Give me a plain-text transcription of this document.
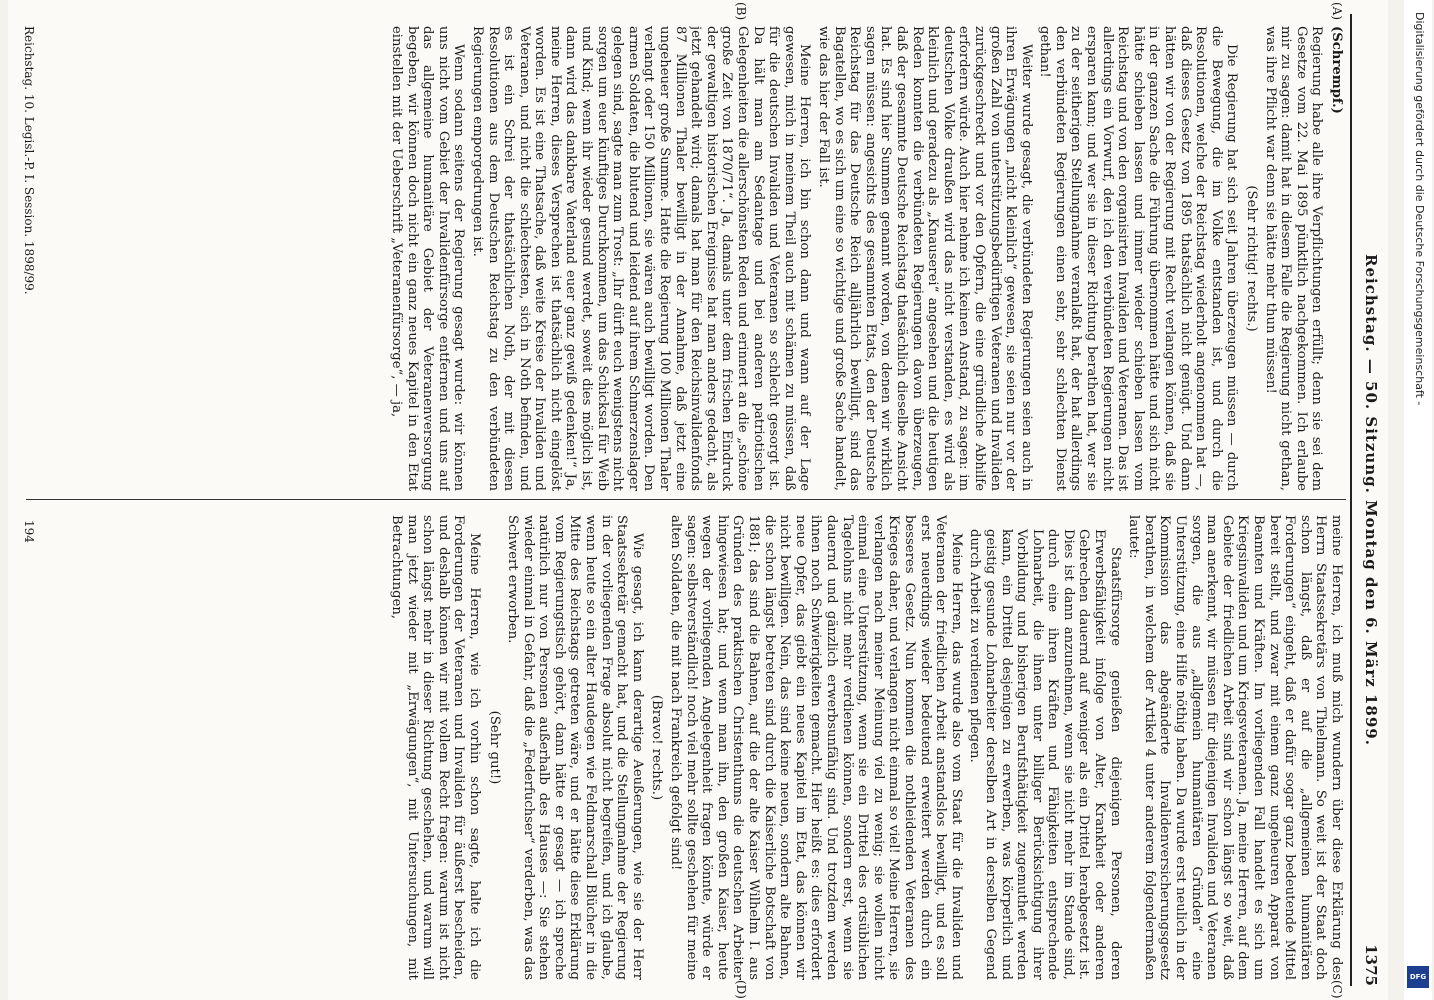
Reichstag. — 50. Sitzung. Montag den 6. März 1899.
1375
(A)
(B)
(C)
(D)
(Schrempf.)

Regierung habe alle ihre Verpflichtungen erfüllt; denn sie sei dem Gesetze vom 22. Mai 1895 pünktlich nachgekommen. Ich erlaube mir zu sagen: damit hat in diesem Falle die Regierung nicht gethan, was ihre Pflicht war denn sie hätte mehr thun müssen!

(Sehr richtig! rechts.)

Die Regierung hat sich seit Jahren überzeugen müssen — durch die Bewegung, die im Volke entstanden ist, und durch die Resolutionen, welche der Reichstag wiederholt angenommen hat —, daß dieses Gesetz von 1895 thatsächlich nicht genügt. Und dann hätten wir von der Regierung mit Recht verlangen können, daß sie in der ganzen Sache die Führung übernommen hätte und sich nicht hätte schieben lassen und immer wieder schieben lassen vom Reichstag und von den organisirten Invaliden und Veteranen. Das ist allerdings ein Vorwurf, den ich den verbündeten Regierungen nicht ersparen kann; und wer sie in dieser Richtung berathen hat, wer sie zu der seitherigen Stellungnahme veranlaßt hat, der hat allerdings den verbündeten Regierungen einen sehr, sehr schlechten Dienst gethan!

Weiter wurde gesagt, die verbündeten Regierungen seien auch in ihren Erwägungen „nicht kleinlich“ gewesen, sie seien nur vor der großen Zahl von unterstützungsbedürftigen Veteranen und Invaliden zurückgeschreckt und vor den Opfern, die eine gründliche Abhilfe erfordern würde. Auch hier nehme ich keinen Anstand, zu sagen: im deutschen Volke draußen wird das nicht verstanden, es wird als kleinlich und geradezu als „Knauserei“ angesehen und die heutigen Reden konnten die verbündeten Regierungen davon überzeugen, daß der gesammte Deutsche Reichstag thatsächlich dieselbe Ansicht hat. Es sind hier Summen genannt worden, von denen wir wirklich sagen müssen: angesichts des gesammten Etats, den der Deutsche Reichstag für das Deutsche Reich alljährlich bewilligt, sind das Bagatellen, wo es sich um eine so wichtige und große Sache handelt, wie das hier der Fall ist.

Meine Herren, ich bin schon dann und wann auf der Lage gewesen, mich in meinem Theil auch mit schämen zu müssen, daß für die deutschen Invaliden und Veteranen so schlecht gesorgt ist. Da hält man am Sedantage und bei anderen patriotischen Gelegenheiten die allerschönsten Reden und erinnert an die „schöne große Zeit von 1870/71“. Ja, damals unter dem frischen Eindruck der gewaltigen historischen Ereignisse hat man anders gedacht, als jetzt gehandelt wird; damals hat man für den Reichsinvalidenfonds 87 Millionen Thaler bewilligt in der Annahme, daß jetzt eine ungeheuer große Summe. Hatte die Regierung 100 Millionen Thaler verlangt oder 150 Millionen, sie wären auch bewilligt worden. Den armen Soldaten, die blutend und leidend auf ihrem Schmerzenslager gelegen sind, sagte man zum Trost: „Ihr dürft euch wenigstens nicht sorgen um euer künftiges Durchkommen, um das Schicksal für Weib und Kind; wenn ihr wieder gesund werdet, soweit dies möglich ist, dann wird das dankbare Vaterland euer ganz gewiß gedenken!“ Ja, meine Herren, dieses Versprechen ist thatsächlich nicht eingelöst worden. Es ist eine Thatsache, daß weite Kreise der Invaliden und Veteranen, und nicht die schlechtesten, sich in Noth befinden, und es ist ein Schrei der thatsächlichen Noth, der mit diesen Resolutionen aus dem Deutschen Reichstag zu den verbündeten Regierungen emporgedrungen ist.

Wenn sodann seitens der Regierung gesagt wurde: wir können uns nicht vom Gebiet der Invalidenfürsorge entfernen und uns auf das allgemeine humanitäre Gebiet der Veteranenversorgung begeben, wir können doch nicht ein ganz neues Kapitel in den Etat einstellen mit der Ueberschrift „Veteranenfürsorge“, — ja,

meine Herren, ich muß mich wundern über diese Erklärung des Herrn Staatssekretärs von Thielmann. So weit ist der Staat doch schon längst, daß er auf die „allgemeinen humanitären Forderungen“ eingeht, daß er dafür sogar ganz bedeutende Mittel bereit stellt, und zwar mit einem ganz ungeheuren Apparat von Beamten und Kräften. Im vorliegenden Fall handelt es sich um Kriegsinvaliden und um Kriegsveteranen. Ja, meine Herren, auf dem Gebiete der friedlichen Arbeit sind wir schon längst so weit, daß man anerkennt, wir müssen für diejenigen Invaliden und Veteranen sorgen, die aus „allgemein humanitären Gründen“ eine Unterstützung, eine Hilfe nöthig haben. Da wurde erst neulich in der Kommission das abgeänderte Invalidenversicherungsgesetz berathen, in welchem der Artikel 4 unter anderem folgendermaßen lautet:

Staatsfürsorge genießen diejenigen Personen, deren Erwerbsfähigkeit infolge von Alter, Krankheit oder anderen Gebrechen dauernd auf weniger als ein Drittel herabgesetzt ist. Dies ist dann anzunehmen, wenn sie nicht mehr im Stande sind, durch eine ihren Kräften und Fähigkeiten entsprechende Lohnarbeit, die ihnen unter billiger Berücksichtigung ihrer Vorbildung und bisherigen Berufsthätigkeit zugemuthet werden kann, ein Drittel desjenigen zu erwerben, was körperlich und geistig gesunde Lohnarbeiter derselben Art in derselben Gegend durch Arbeit zu verdienen pflegen.

Meine Herren, das wurde also vom Staat für die Invaliden und Veteranen der friedlichen Arbeit anstandslos bewilligt, und es soll erst neuerdings wieder bedeutend erweitert werden durch ein besseres Gesetz. Nun kommen die nothleidenden Veteranen des Krieges daher, und verlangen nicht einmal so viel! Meine Herren, sie verlangen nach meiner Meinung viel zu wenig; sie wollen nicht einmal eine Unterstützung, wenn sie ein Drittel des ortsüblichen Tagelohns nicht mehr verdienen können, sondern erst, wenn sie dauernd und gänzlich erwerbsunfähig sind. Und trotzdem werden ihnen noch Schwierigkeiten gemacht. Hier heißt es: dies erfordert neue Opfer, das giebt ein neues Kapitel im Etat, das können wir nicht bewilligen. Nein, das sind keine neuen, sondern alte Bahnen, die schon längst betreten sind durch die Kaiserliche Botschaft von 1881; das sind die Bahnen, auf die der alte Kaiser Wilhelm I. aus Gründen des praktischen Christenthums die deutschen Arbeiter hingewiesen hat; und wenn man ihn, den großen Kaiser, heute wegen der vorliegenden Angelegenheit fragen könnte, würde er sagen: selbstverständlich! noch viel mehr sollte geschehen für meine alten Soldaten, die mit nach Frankreich gefolgt sind!

(Bravo! rechts.)

Wie gesagt, ich kann derartige Aeußerungen, wie sie der Herr Staatssekretär gemacht hat, und die Stellungnahme der Regierung in der vorliegenden Frage absolut nicht begreifen, und ich glaube, wenn heute so ein alter Haudegen wie Feldmarschall Blücher in die Mitte des Reichstags getreten wäre, und er hätte diese Erklärung vom Regierungstisch gehört, dann hätte er gesagt — ich spreche natürlich nur von Personen außerhalb des Hauses —: Sie stehen wieder einmal in Gefahr, daß die „Federfuchser“ verderben, was das Schwert erworben.

(Sehr gut!)

Meine Herren, wie ich vorhin schon sagte, halte ich die Forderungen der Veteranen und Invaliden für äußerst bescheiden, und deshalb können wir mit vollem Recht fragen: warum ist nicht schon längst mehr in dieser Richtung geschehen, und warum will man jetzt wieder mit „Erwägungen“, mit Untersuchungen, mit Betrachtungen,

Reichstag. 10. Legisl.-P. I. Session. 1898/99.
194
Digitalisierung gefördert durch die Deutsche Forschungsgemeinschaft -
DFG
